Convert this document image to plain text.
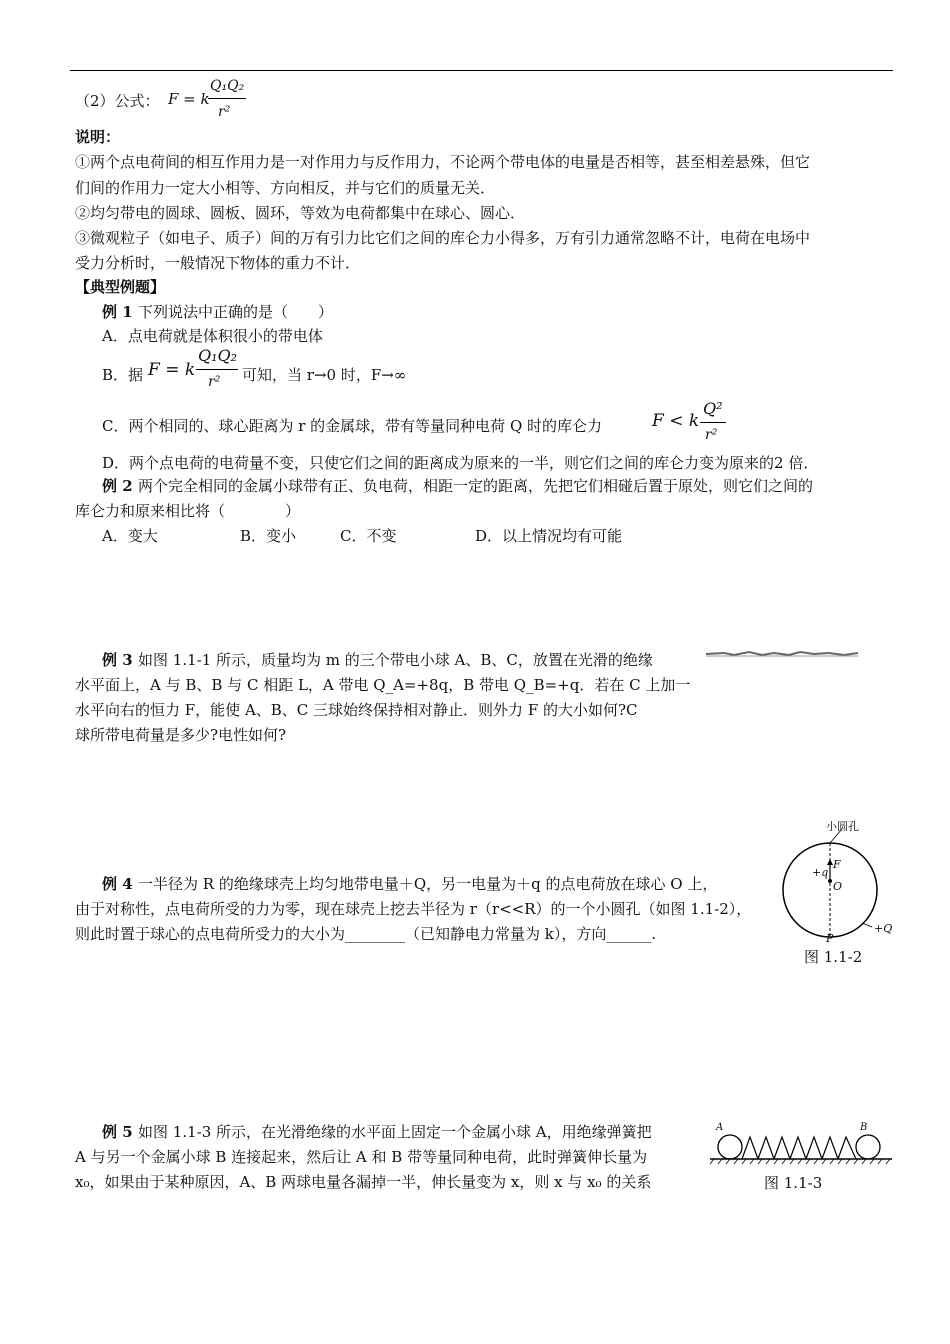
（2）公式： F = k
Q₁Q₂
r²
说明：
①两个点电荷间的相互作用力是一对作用力与反作用力，不论两个带电体的电量是否相等，甚至相差悬殊，但它
们间的作用力一定大小相等、方向相反，并与它们的质量无关．
②均匀带电的圆球、圆板、圆环，等效为电荷都集中在球心、圆心．
③微观粒子（如电子、质子）间的万有引力比它们之间的库仑力小得多，万有引力通常忽略不计，电荷在电场中
受力分析时，一般情况下物体的重力不计．
【典型例题】
例 1 下列说法中正确的是（　　）
A．点电荷就是体积很小的带电体
B．据 F = k
Q₁Q₂
r² 可知，当 r→0 时，F→∞
C．两个相同的、球心距离为 r 的金属球，带有等量同种电荷 Q 时的库仑力	F < k
Q²
r²
D．两个点电荷的电荷量不变，只使它们之间的距离成为原来的一半，则它们之间的库仑力变为原来的2 倍．
例 2 两个完全相同的金属小球带有正、负电荷，相距一定的距离，先把它们相碰后置于原处，则它们之间的
库仑力和原来相比将（　　　　）
A．变大	B．变小	C．不变	D．以上情况均有可能
例 3 如图 1.1-1 所示，质量均为 m 的三个带电小球 A、B、C，放置在光滑的绝缘
水平面上，A 与 B、B 与 C 相距 L，A 带电 Q_A=+8q，B 带电 Q_B=+q．若在 C 上加一
水平向右的恒力 F，能使 A、B、C 三球始终保持相对静止．则外力 F 的大小如何?C
球所带电荷量是多少?电性如何?
例 4 一半径为 R 的绝缘球壳上均匀地带电量＋Q，另一电量为＋q 的点电荷放在球心 O 上，
由于对称性，点电荷所受的力为零，现在球壳上挖去半径为 r（r<<R）的一个小圆孔（如图 1.1-2），
则此时置于球心的点电荷所受力的大小为________（已知静电力常量为 k），方向______.
小圆孔
+q
F
O
P
+Q
图 1.1-2
例 5 如图 1.1-3 所示，在光滑绝缘的水平面上固定一个金属小球 A，用绝缘弹簧把
A 与另一个金属小球 B 连接起来，然后让 A 和 B 带等量同种电荷，此时弹簧伸长量为
x₀，如果由于某种原因，A、B 两球电量各漏掉一半，伸长量变为 x，则 x 与 x₀ 的关系
A	B
图 1.1-3
